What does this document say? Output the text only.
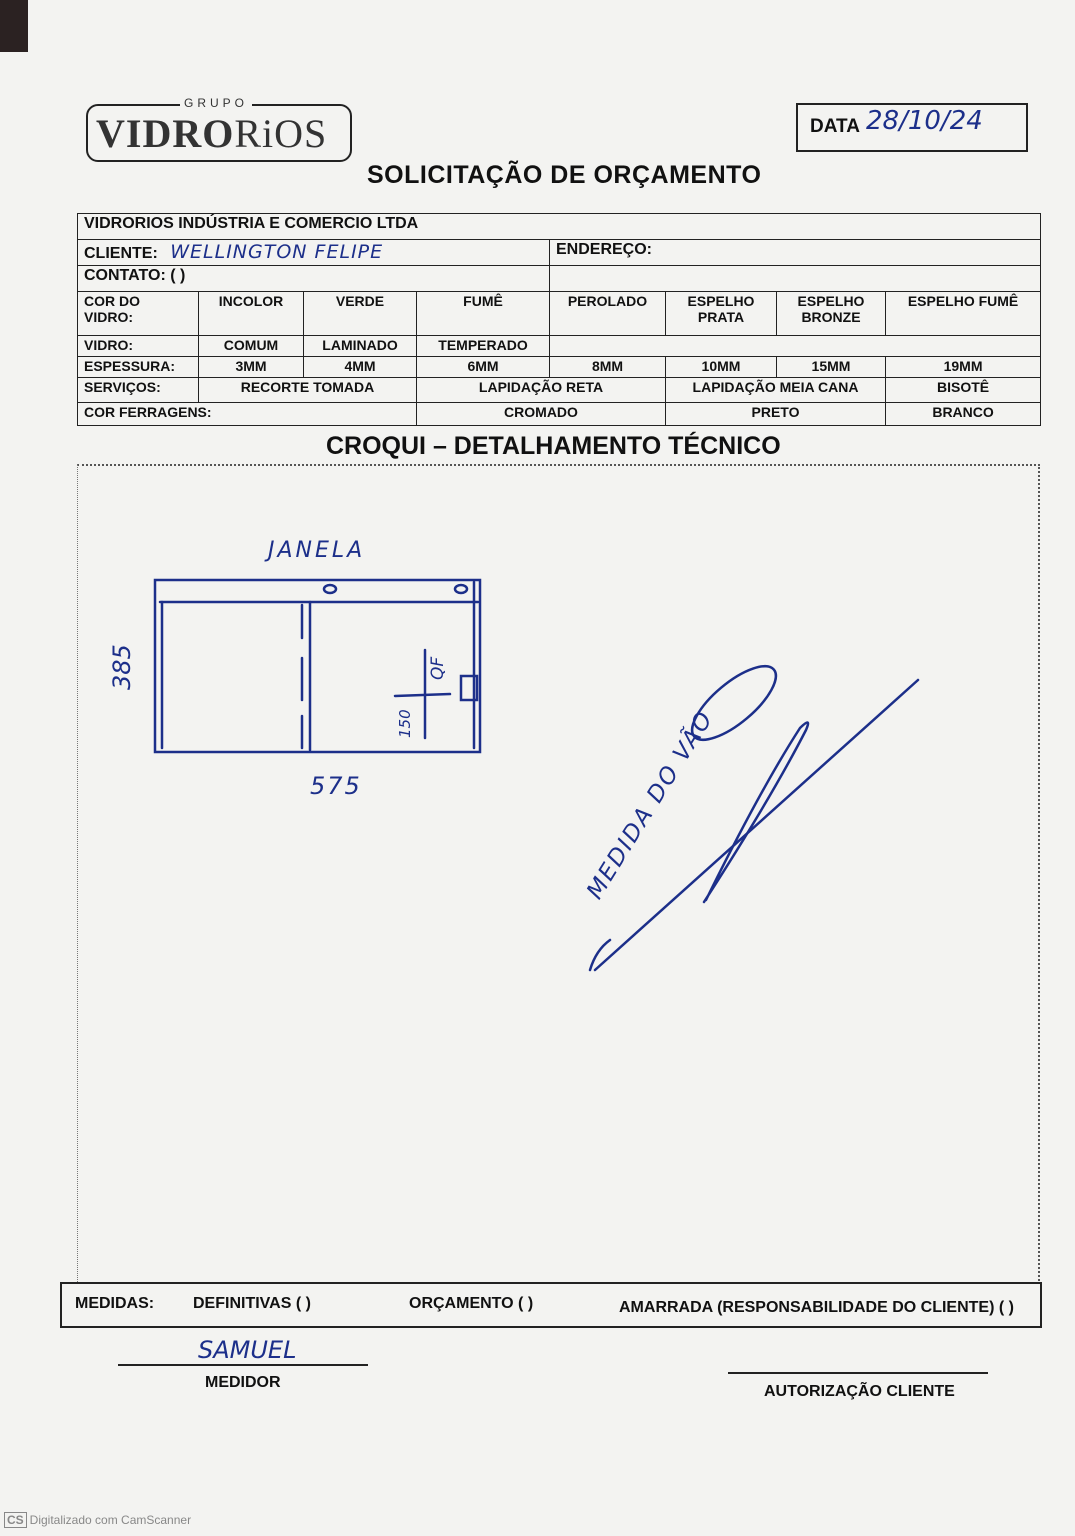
GRUPO
VIDRORiOS	DATA 28/10/24
SOLICITAÇÃO DE ORÇAMENTO
VIDRORIOS INDÚSTRIA E COMERCIO LTDA							
CLIENTE: WELLINGTON FELIPE				ENDEREÇO:			
CONTATO: ( )							
COR DO VIDRO:	INCOLOR	VERDE	FUMÊ	PEROLADO	ESPELHO PRATA	ESPELHO BRONZE	ESPELHO FUMÊ
VIDRO:	COMUM	LAMINADO	TEMPERADO				
ESPESSURA:	3MM	4MM	6MM	8MM	10MM	15MM	19MM
SERVIÇOS:	RECORTE TOMADA		LAPIDAÇÃO RETA		LAPIDAÇÃO MEIA CANA		BISOTÊ
COR FERRAGENS:			CROMADO		PRETO		BRANCO
CROQUI – DETALHAMENTO TÉCNICO
JANELA
575
385
150
QF
MEDIDA DO VÃO
MEDIDAS: DEFINITIVAS ( )	ORÇAMENTO ( )	AMARRADA (RESPONSABILIDADE DO CLIENTE) ( )
SAMUEL
MEDIDOR
AUTORIZAÇÃO CLIENTE
CS Digitalizado com CamScanner
